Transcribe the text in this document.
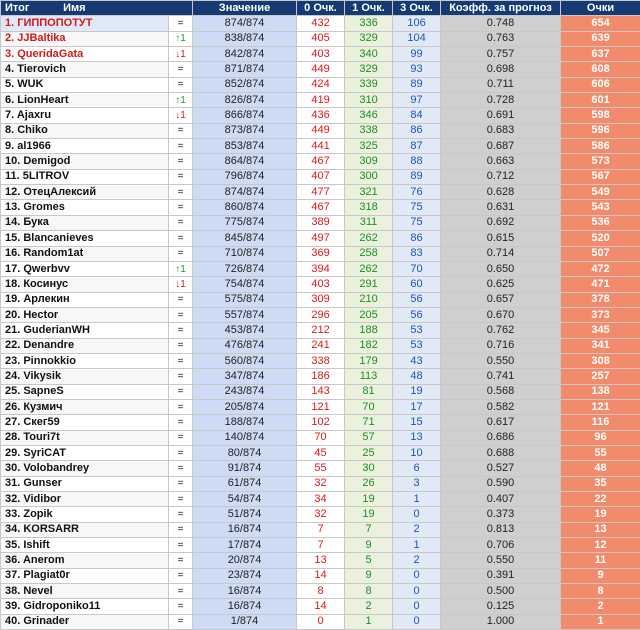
Итог Имя		Значение	0 Очк.	1 Очк.	3 Очк.	Коэфф. за прогноз	Очки
1. ГИППОПОТУТ	=	874/874	432	336	106	0.748	654
2. JJBaltika	↑1	838/874	405	329	104	0.763	639
3. QueridaGata	↓1	842/874	403	340	99	0.757	637
4. Tierovich	=	871/874	449	329	93	0.698	608
5. WUK	=	852/874	424	339	89	0.711	606
6. LionHeart	↑1	826/874	419	310	97	0.728	601
7. Ajaxru	↓1	866/874	436	346	84	0.691	598
8. Chiko	=	873/874	449	338	86	0.683	596
9. al1966	=	853/874	441	325	87	0.687	586
10. Demigod	=	864/874	467	309	88	0.663	573
11. 5LITROV	=	796/874	407	300	89	0.712	567
12. ОтецАлексий	=	874/874	477	321	76	0.628	549
13. Gromes	=	860/874	467	318	75	0.631	543
14. Бука	=	775/874	389	311	75	0.692	536
15. Blancanieves	=	845/874	497	262	86	0.615	520
16. Random1at	=	710/874	369	258	83	0.714	507
17. Qwerbvv	↑1	726/874	394	262	70	0.650	472
18. Косинус	↓1	754/874	403	291	60	0.625	471
19. Арлекин	=	575/874	309	210	56	0.657	378
20. Hector	=	557/874	296	205	56	0.670	373
21. GuderianWH	=	453/874	212	188	53	0.762	345
22. Denandre	=	476/874	241	182	53	0.716	341
23. Pinnokkio	=	560/874	338	179	43	0.550	308
24. Vikysik	=	347/874	186	113	48	0.741	257
25. SapneS	=	243/874	143	81	19	0.568	138
26. Кузмич	=	205/874	121	70	17	0.582	121
27. Скег59	=	188/874	102	71	15	0.617	116
28. Touri7t	=	140/874	70	57	13	0.686	96
29. SyriCAT	=	80/874	45	25	10	0.688	55
30. Volobandrey	=	91/874	55	30	6	0.527	48
31. Gunser	=	61/874	32	26	3	0.590	35
32. Vidibor	=	54/874	34	19	1	0.407	22
33. Zopik	=	51/874	32	19	0	0.373	19
34. KORSARR	=	16/874	7	7	2	0.813	13
35. Ishift	=	17/874	7	9	1	0.706	12
36. Anerom	=	20/874	13	5	2	0.550	11
37. Plagiat0r	=	23/874	14	9	0	0.391	9
38. Nevel	=	16/874	8	8	0	0.500	8
39. Gidroponiko11	=	16/874	14	2	0	0.125	2
40. Grinader	=	1/874	0	1	0	1.000	1
